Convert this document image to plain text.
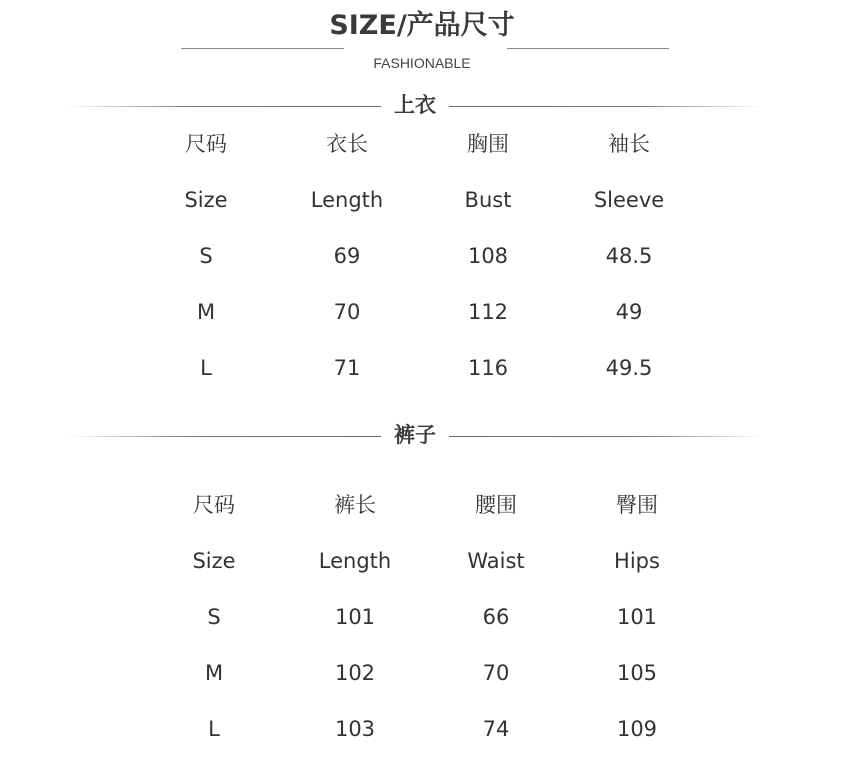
SIZE/产品尺寸
FASHIONABLE
上衣
尺码	衣长	胸围	袖长
Size	Length	Bust	Sleeve
S	69	108	48.5
M	70	112	49
L	71	116	49.5
裤子
尺码	裤长	腰围	臀围
Size	Length	Waist	Hips
S	101	66	101
M	102	70	105
L	103	74	109
